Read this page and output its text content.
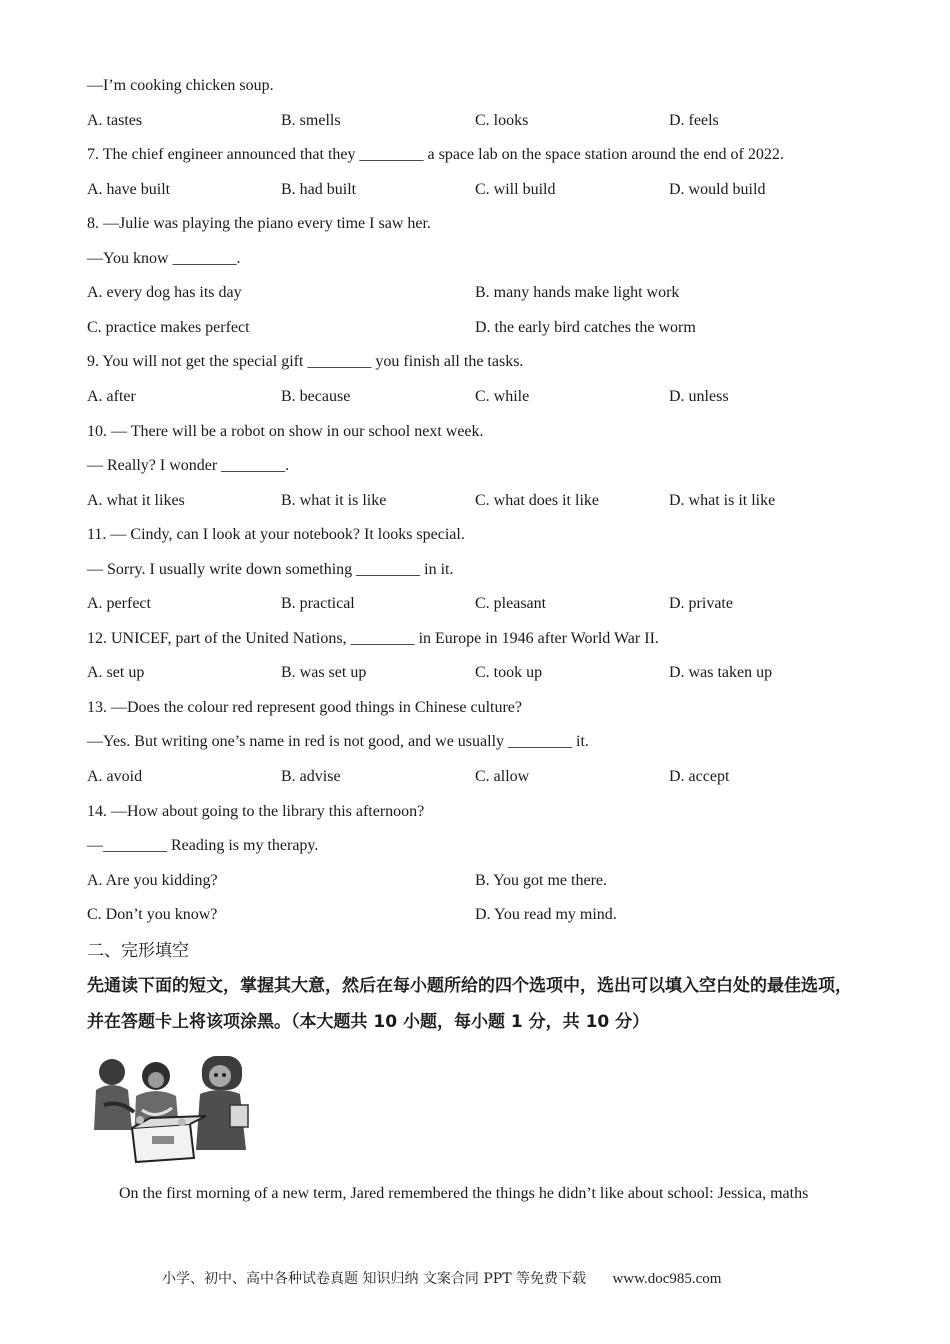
—I’m cooking chicken soup.
A. tastes	B. smells	C. looks	D. feels
7. The chief engineer announced that they ________ a space lab on the space station around the end of 2022.
A. have built	B. had built	C. will build	D. would build
8. —Julie was playing the piano every time I saw her.
—You know ________.
A. every dog has its day	B. many hands make light work
C. practice makes perfect	D. the early bird catches the worm
9. You will not get the special gift ________ you finish all the tasks.
A. after	B. because	C. while	D. unless
10. — There will be a robot on show in our school next week.
— Really? I wonder ________.
A. what it likes	B. what it is like	C. what does it like	D. what is it like
11. — Cindy, can I look at your notebook? It looks special.
— Sorry. I usually write down something ________ in it.
A. perfect	B. practical	C. pleasant	D. private
12. UNICEF, part of the United Nations, ________ in Europe in 1946 after World War II.
A. set up	B. was set up	C. took up	D. was taken up
13. —Does the colour red represent good things in Chinese culture?
—Yes. But writing one’s name in red is not good, and we usually ________ it.
A. avoid	B. advise	C. allow	D. accept
14. —How about going to the library this afternoon?
—________ Reading is my therapy.
A. Are you kidding?	B. You got me there.
C. Don’t you know?	D. You read my mind.
二、完形填空
先通读下面的短文，掌握其大意，然后在每小题所给的四个选项中，选出可以填入空白处的最佳选项，并在答题卡上将该项涂黑。（本大题共 10 小题，每小题 1 分，共 10 分）
On the first morning of a new term, Jared remembered the things he didn’t like about school: Jessica, maths
小学、初中、高中各种试卷真题 知识归纳 文案合同 PPT 等免费下载 www.doc985.com
